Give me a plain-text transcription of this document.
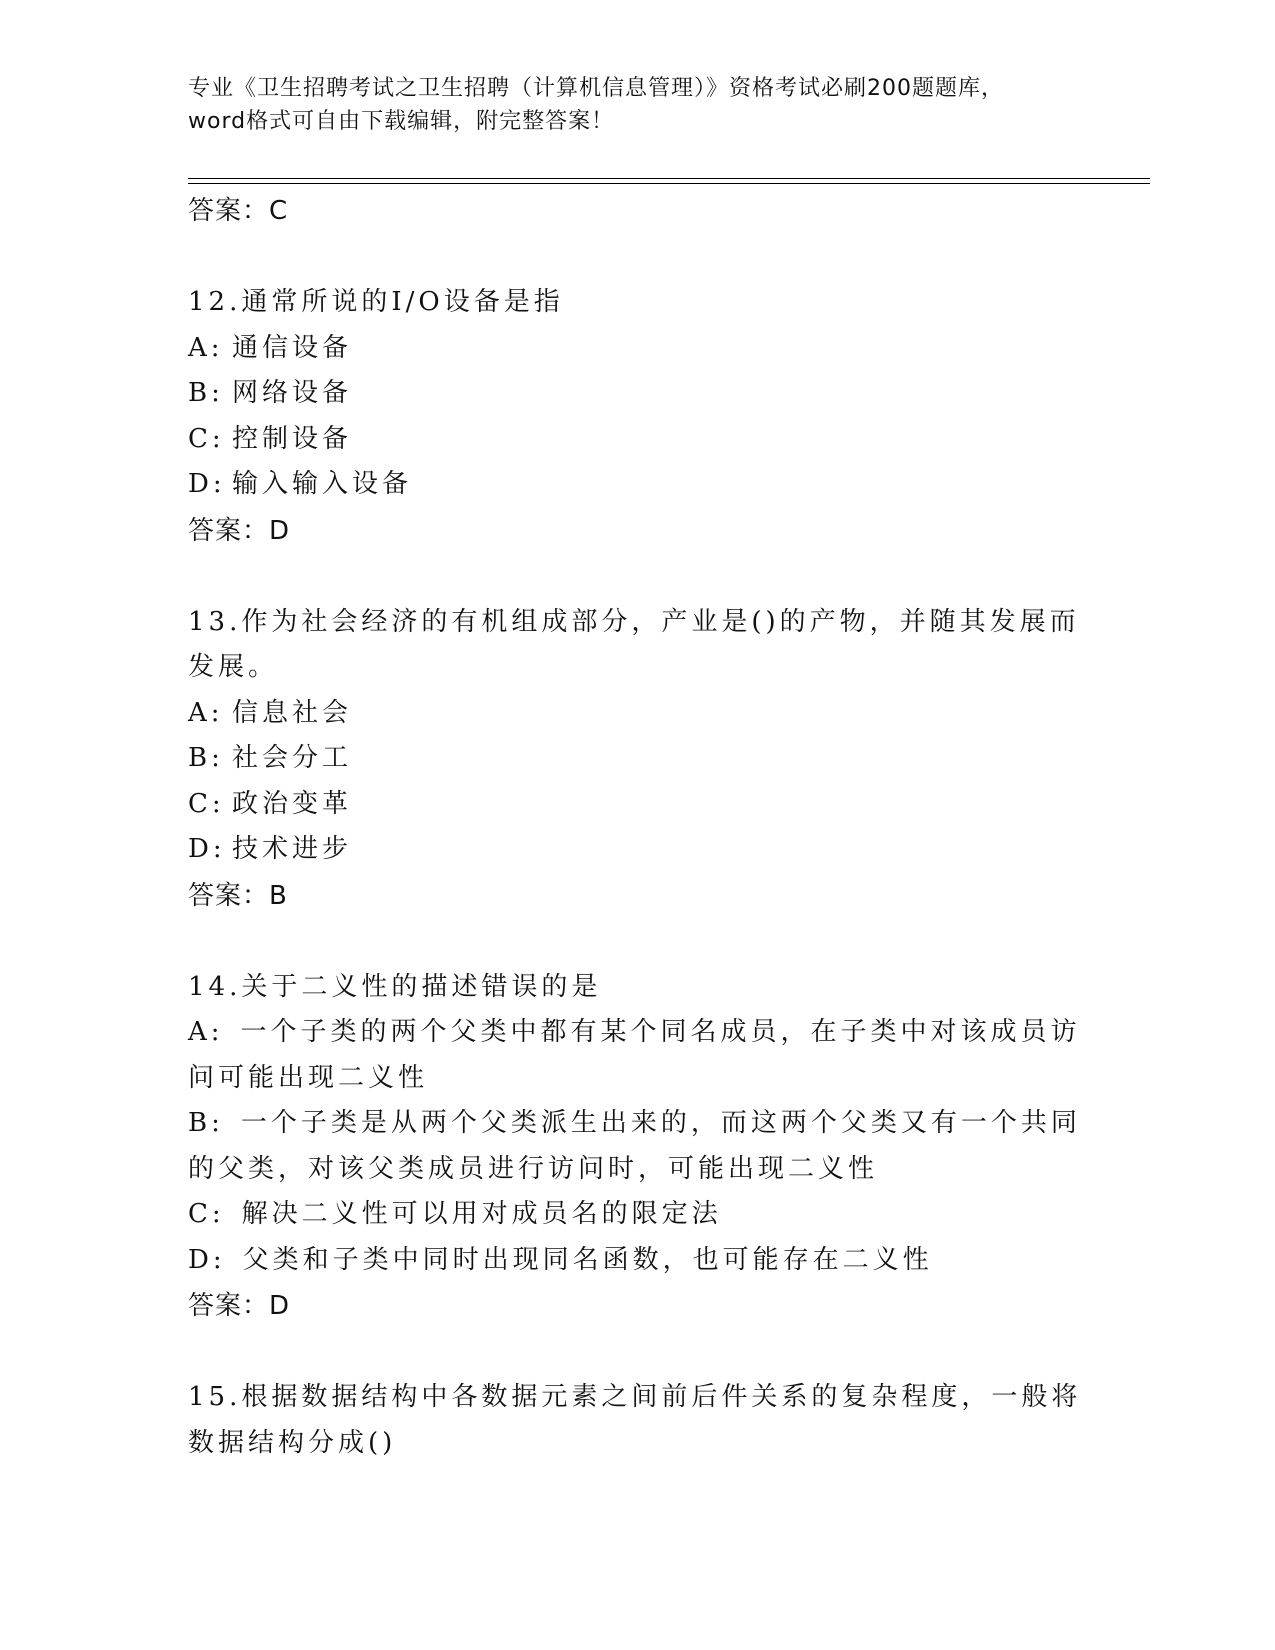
专业《卫生招聘考试之卫生招聘（计算机信息管理）》资格考试必刷200题题库，
word格式可自由下载编辑，附完整答案！
答案：C

12.通常所说的I/O设备是指

A: 通信设备

B: 网络设备

C: 控制设备

D: 输入输入设备

答案：D

13.作为社会经济的有机组成部分，产业是()的产物，并随其发展而发展。

A: 信息社会

B: 社会分工

C: 政治变革

D: 技术进步

答案：B

14.关于二义性的描述错误的是

A:  一个子类的两个父类中都有某个同名成员，在子类中对该成员访问可能出现二义性

B:  一个子类是从两个父类派生出来的，而这两个父类又有一个共同的父类，对该父类成员进行访问时，可能出现二义性

C:  解决二义性可以用对成员名的限定法

D:  父类和子类中同时出现同名函数，也可能存在二义性

答案：D

15.根据数据结构中各数据元素之间前后件关系的复杂程度，一般将数据结构分成()
